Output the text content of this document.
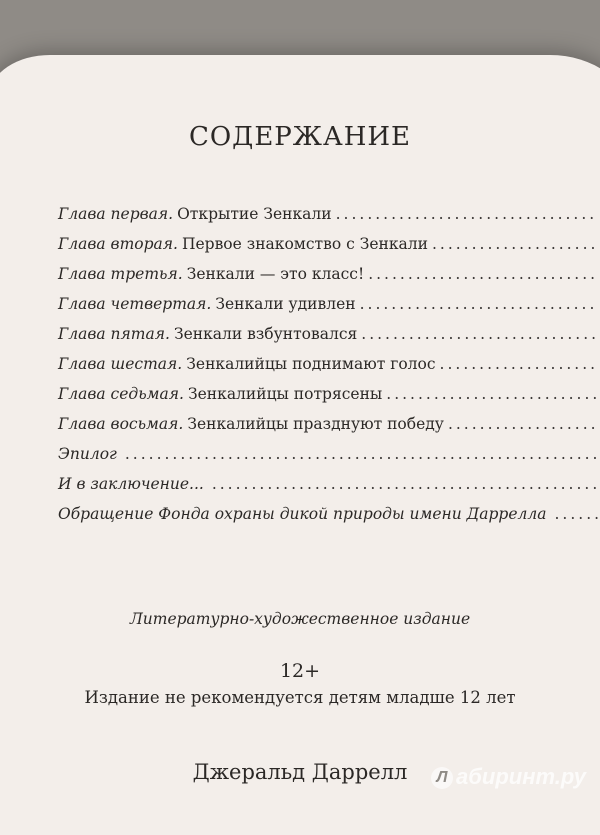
СОДЕРЖАНИЕ
Глава первая. Открытие Зенкали
.....
Глава вторая. Первое знакомство с Зенкали
.....
Глава третья. Зенкали — это класс!
.....
Глава четвертая. Зенкали удивлен
.....
Глава пятая. Зенкали взбунтовался
.....
Глава шестая. Зенкалийцы поднимают голос
.....
Глава седьмая. Зенкалийцы потрясены
.....
Глава восьмая. Зенкалийцы празднуют победу
.....
Эпилог
.....
И в заключение...
.....
Обращение Фонда охраны дикой природы имени Даррелла
.....
Литературно-художественное издание
12+
Издание не рекомендуется детям младше 12 лет
Джеральд Даррелл	Л абиринт.ру
